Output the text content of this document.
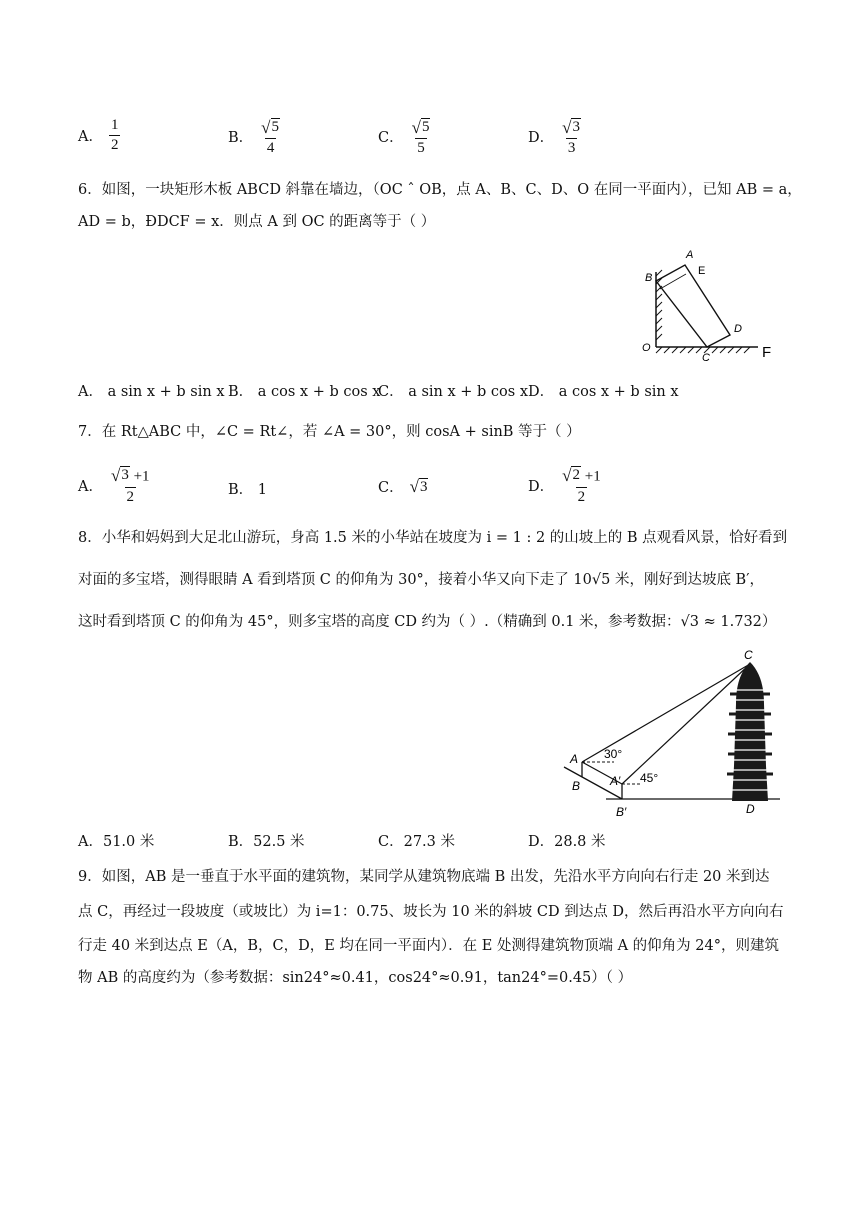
A． $\frac{1}{2}$	B． $\frac{√ 5}{4}$	C． $\frac{√ 5}{5}$	D． $\frac{√ 3}{3}$
6．如图，一块矩形木板 ABCD 斜靠在墙边，（OC ˆ OB，点 A、B、C、D、O 在同一平面内），已知 AB = a，
AD = b，ÐDCF = x．则点 A 到 OC 的距离等于（ ）
B
A
E
D
C
O	F
A． a sin x + b sin x B． a cos x + b cos x
C． a sin x + b cos x D． a cos x + b sin x
7．在 Rt△ABC 中，∠C = Rt∠，若 ∠A = 30°，则 cosA + sinB 等于（ ）
A． $\frac{√ 3 +1}{2}$	B． 1	C． √ 3	D． $\frac{√ 2 +1}{2}$
8．小华和妈妈到大足北山游玩，身高 1.5 米的小华站在坡度为 i = 1 : 2 的山坡上的 B 点观看风景，恰好看到
对面的多宝塔，测得眼睛 A 看到塔顶 C 的仰角为 30°，接着小华又向下走了 10√5 米，刚好到达坡底 B′，
这时看到塔顶 C 的仰角为 45°，则多宝塔的高度 CD 约为（ ）.（精确到 0.1 米，参考数据：√3 ≈ 1.732）
C
A
B A′
B′	D
30°
45°
A．51.0 米	B．52.5 米	C．27.3 米	D．28.8 米
9．如图，AB 是一垂直于水平面的建筑物，某同学从建筑物底端 B 出发，先沿水平方向向右行走 20 米到达
点 C，再经过一段坡度（或坡比）为 i=1：0.75、坡长为 10 米的斜坡 CD 到达点 D，然后再沿水平方向向右
行走 40 米到达点 E（A，B，C，D，E 均在同一平面内）．在 E 处测得建筑物顶端 A 的仰角为 24°，则建筑
物 AB 的高度约为（参考数据：sin24°≈0.41，cos24°≈0.91，tan24°=0.45）（ ）
